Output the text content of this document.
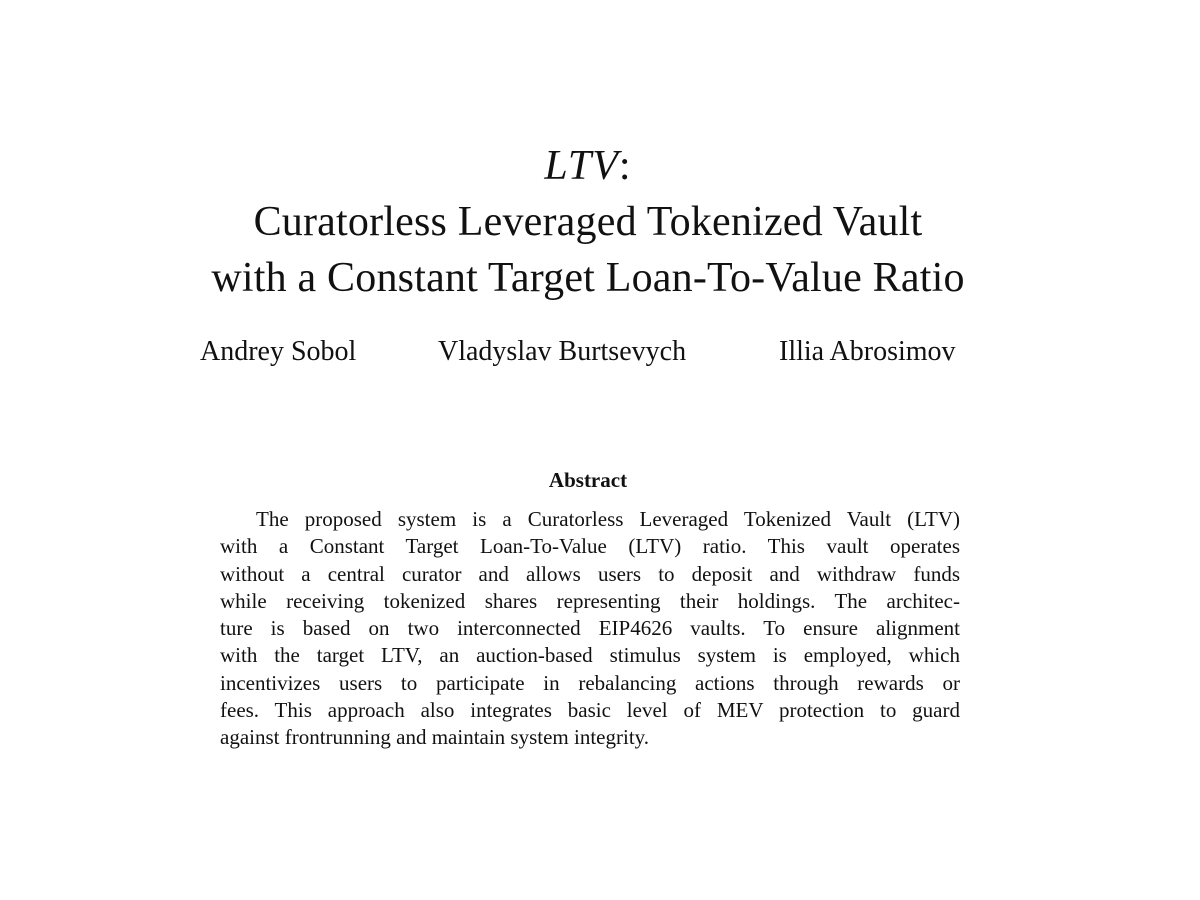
LTV:
Curatorless Leveraged Tokenized Vault
with a Constant Target Loan-To-Value Ratio
Andrey Sobol	Vladyslav Burtsevych	Illia Abrosimov
Abstract
The proposed system is a Curatorless Leveraged Tokenized Vault (LTV)
with a Constant Target Loan-To-Value (LTV) ratio. This vault operates
without a central curator and allows users to deposit and withdraw funds
while receiving tokenized shares representing their holdings. The architec-
ture is based on two interconnected EIP4626 vaults. To ensure alignment
with the target LTV, an auction-based stimulus system is employed, which
incentivizes users to participate in rebalancing actions through rewards or
fees. This approach also integrates basic level of MEV protection to guard
against frontrunning and maintain system integrity.
